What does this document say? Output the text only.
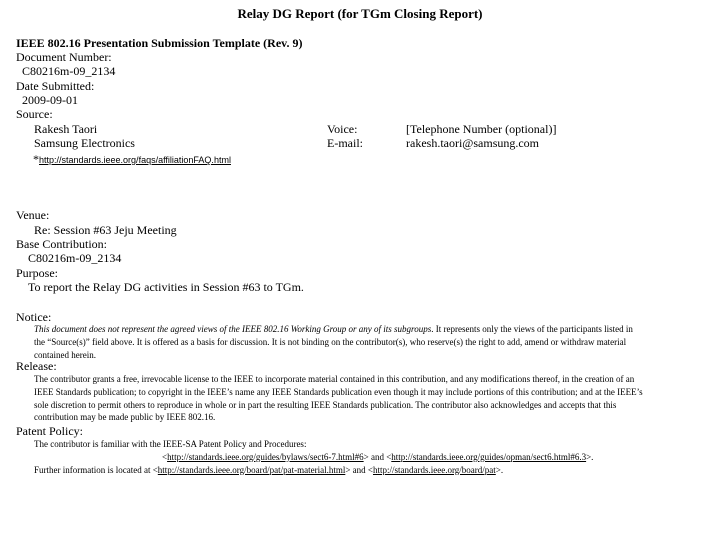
Relay DG Report (for TGm Closing Report)
IEEE 802.16 Presentation Submission Template (Rev. 9)
Document Number:
C80216m-09_2134
Date Submitted:
2009-09-01
Source:
Rakesh Taori
Samsung Electronics
Voice:
E-mail:
[Telephone Number (optional)]
rakesh.taori@samsung.com
*http://standards.ieee.org/faqs/affiliationFAQ.html
Venue:
Re: Session #63 Jeju Meeting
Base Contribution:
C80216m-09_2134
Purpose:
To report the Relay DG activities in Session #63 to TGm.
Notice:
This document does not represent the agreed views of the IEEE 802.16 Working Group or any of its subgroups. It represents only the views of the participants listed in
the “Source(s)” field above. It is offered as a basis for discussion. It is not binding on the contributor(s), who reserve(s) the right to add, amend or withdraw material
contained herein.
Release:
The contributor grants a free, irrevocable license to the IEEE to incorporate material contained in this contribution, and any modifications thereof, in the creation of an
IEEE Standards publication; to copyright in the IEEE’s name any IEEE Standards publication even though it may include portions of this contribution; and at the IEEE’s
sole discretion to permit others to reproduce in whole or in part the resulting IEEE Standards publication. The contributor also acknowledges and accepts that this
contribution may be made public by IEEE 802.16.
Patent Policy:
The contributor is familiar with the IEEE-SA Patent Policy and Procedures:
<http://standards.ieee.org/guides/bylaws/sect6-7.html#6> and <http://standards.ieee.org/guides/opman/sect6.html#6.3>.
Further information is located at <http://standards.ieee.org/board/pat/pat-material.html> and <http://standards.ieee.org/board/pat>.
